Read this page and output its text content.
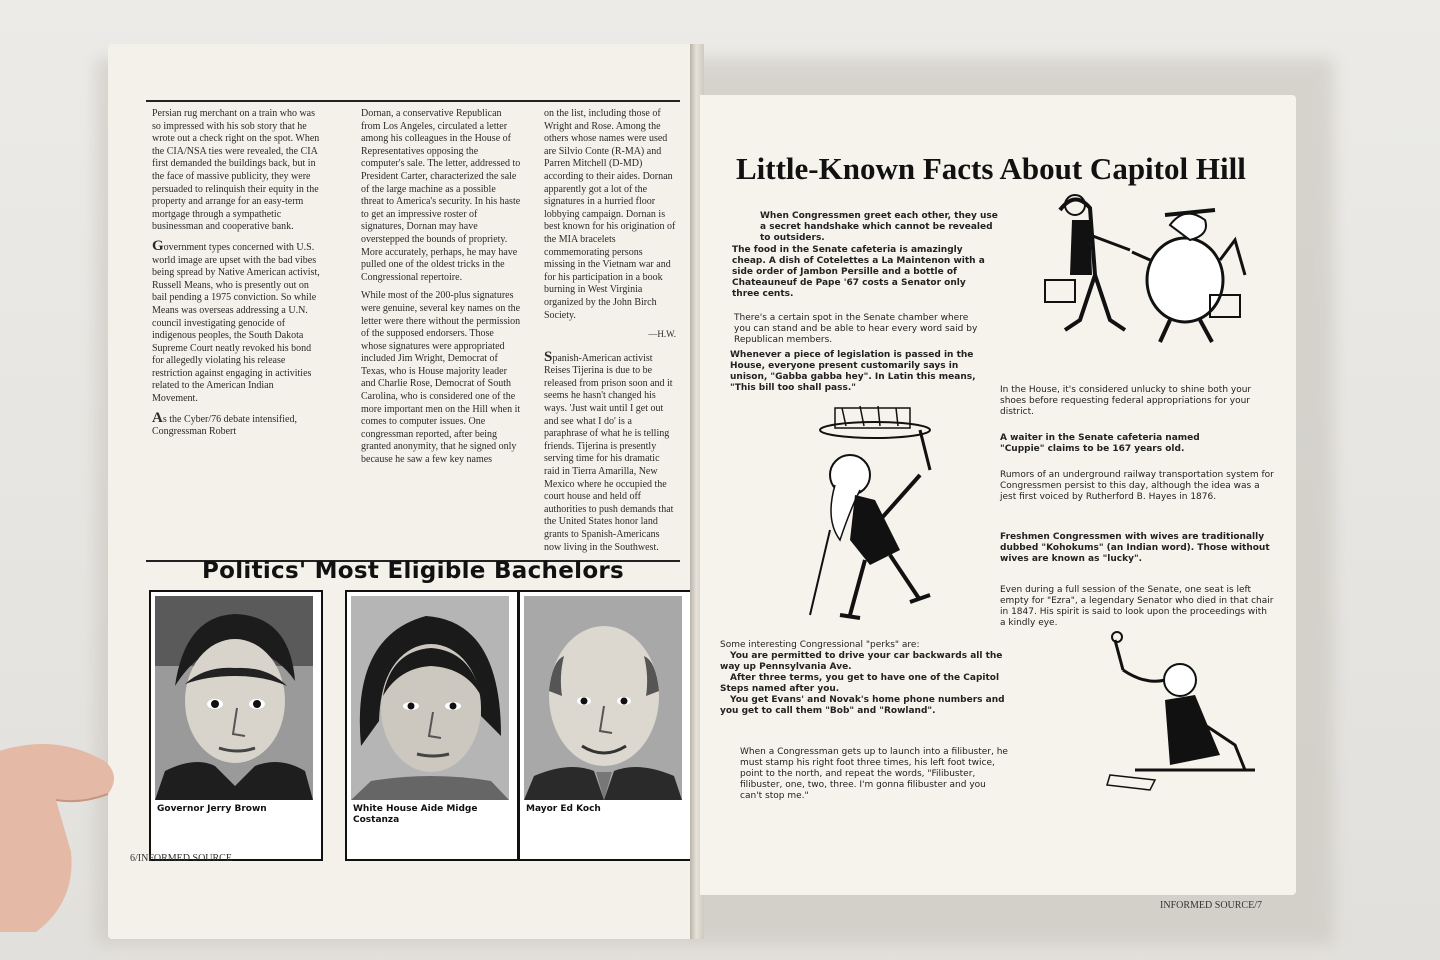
Persian rug merchant on a train who was so impressed with his sob story that he wrote out a check right on the spot. When the CIA/NSA ties were revealed, the CIA first demanded the buildings back, but in the face of massive publicity, they were persuaded to relinquish their equity in the property and arrange for an easy-term mortgage through a sympathetic businessman and cooperative bank.

Government types concerned with U.S. world image are upset with the bad vibes being spread by Native American activist, Russell Means, who is presently out on bail pending a 1975 conviction. So while Means was overseas addressing a U.N. council investigating genocide of indigenous peoples, the South Dakota Supreme Court neatly revoked his bond for allegedly violating his release restriction against engaging in activities related to the American Indian Movement.

As the Cyber/76 debate intensified, Congressman Robert

Dornan, a conservative Republican from Los Angeles, circulated a letter among his colleagues in the House of Representatives opposing the computer's sale. The letter, addressed to President Carter, characterized the sale of the large machine as a possible threat to America's security. In his haste to get an impressive roster of signatures, Dornan may have overstepped the bounds of propriety. More accurately, perhaps, he may have pulled one of the oldest tricks in the Congressional repertoire.

While most of the 200-plus signatures were genuine, several key names on the letter were there without the permission of the supposed endorsers. Those whose signatures were appropriated included Jim Wright, Democrat of Texas, who is House majority leader and Charlie Rose, Democrat of South Carolina, who is considered one of the more important men on the Hill when it comes to computer issues. One congressman reported, after being granted anonymity, that he signed only because he saw a few key names

on the list, including those of Wright and Rose. Among the others whose names were used are Silvio Conte (R-MA) and Parren Mitchell (D-MD) according to their aides. Dornan apparently got a lot of the signatures in a hurried floor lobbying campaign. Dornan is best known for his origination of the MIA bracelets commemorating persons missing in the Vietnam war and for his participation in a book burning in West Virginia organized by the John Birch Society.

—H.W.

Spanish-American activist Reises Tijerina is due to be released from prison soon and it seems he hasn't changed his ways. 'Just wait until I get out and see what I do' is a paraphrase of what he is telling friends. Tijerina is presently serving time for his dramatic raid in Tierra Amarilla, New Mexico where he occupied the court house and held off authorities to push demands that the United States honor land grants to Spanish-Americans now living in the Southwest.

Politics' Most Eligible Bachelors
Governor Jerry Brown	White House Aide Midge Costanza
Mayor Ed Koch
6/INFORMED SOURCE
Little-Known Facts About Capitol Hill

When Congressmen greet each other, they use a secret handshake which cannot be revealed to outsiders.

The food in the Senate cafeteria is amazingly cheap. A dish of Cotelettes a La Maintenon with a side order of Jambon Persille and a bottle of Chateauneuf de Pape '67 costs a Senator only three cents.

There's a certain spot in the Senate chamber where you can stand and be able to hear every word said by Republican members.

Whenever a piece of legislation is passed in the House, everyone present customarily says in unison, "Gabba gabba hey". In Latin this means, "This bill too shall pass."	In the House, it's considered unlucky to shine both your shoes before requesting federal appropriations for your district.

A waiter in the Senate cafeteria named "Cuppie" claims to be 167 years old.

Rumors of an underground railway transportation system for Congressmen persist to this day, although the idea was a jest first voiced by Rutherford B. Hayes in 1876.

Freshmen Congressmen with wives are traditionally dubbed "Kohokums" (an Indian word). Those without wives are known as "lucky".

Even during a full session of the Senate, one seat is left empty for "Ezra", a legendary Senator who died in that chair in 1847. His spirit is said to look upon the proceedings with a kindly eye.

Some interesting Congressional "perks" are:

You are permitted to drive your car backwards all the way up Pennsylvania Ave.

After three terms, you get to have one of the Capitol Steps named after you.

You get Evans' and Novak's home phone numbers and you get to call them "Bob" and "Rowland".

When a Congressman gets up to launch into a filibuster, he must stamp his right foot three times, his left foot twice, point to the north, and repeat the words, "Filibuster, filibuster, one, two, three. I'm gonna filibuster and you can't stop me."

INFORMED SOURCE/7
